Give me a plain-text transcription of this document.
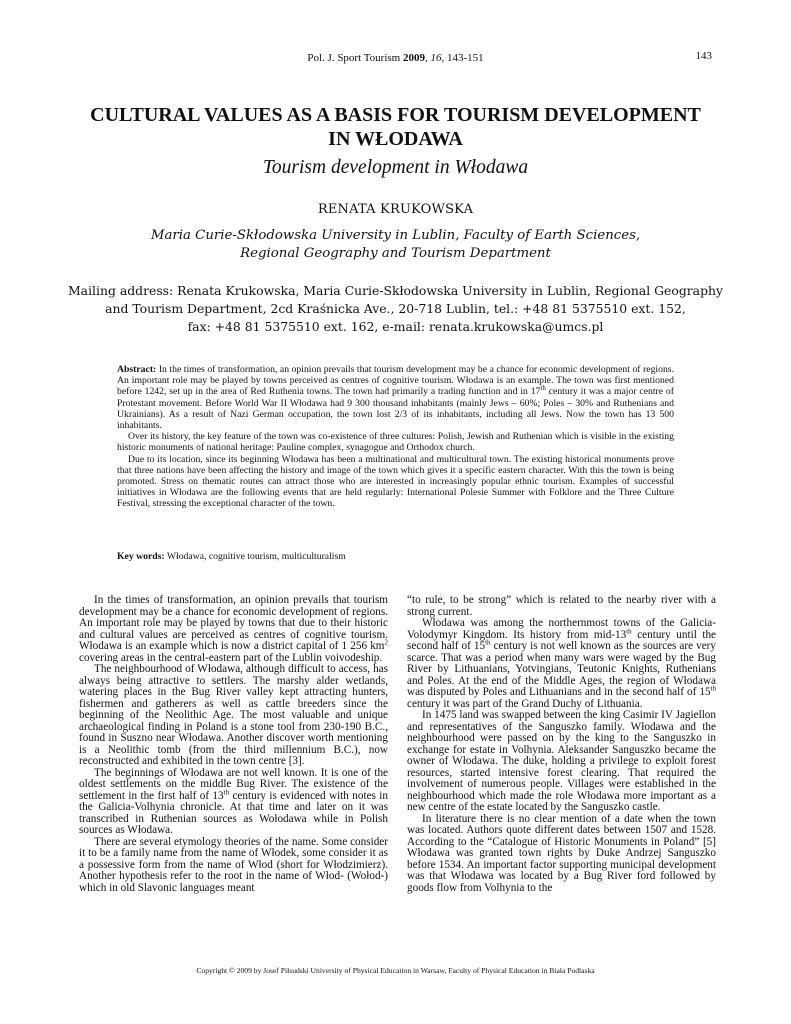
Pol. J. Sport Tourism 2009, 16, 143-151	143
CULTURAL VALUES AS A BASIS FOR TOURISM DEVELOPMENT
IN WŁODAWA
Tourism development in Włodawa
RENATA KRUKOWSKA
Maria Curie-Skłodowska University in Lublin, Faculty of Earth Sciences,
Regional Geography and Tourism Department
Mailing address: Renata Krukowska, Maria Curie-Skłodowska University in Lublin, Regional Geography
and Tourism Department, 2cd Kraśnicka Ave., 20-718 Lublin, tel.: +48 81 5375510 ext. 152,
fax: +48 81 5375510 ext. 162, e-mail: renata.krukowska@umcs.pl

Abstract: In the times of transformation, an opinion prevails that tourism development may be a chance for economic development of regions. An important role may be played by towns perceived as centres of cognitive tourism. Włodawa is an example. The town was first mentioned before 1242, set up in the area of Red Ruthenia towns. The town had primarily a trading function and in 17th century it was a major centre of Protestant movement. Before World War II Włodawa had 9 300 thousand inhabitants (mainly Jews – 60%; Poles – 30% and Ruthenians and Ukrainians). As a result of Nazi German occupation, the town lost 2/3 of its inhabitants, including all Jews. Now the town has 13 500 inhabitants.

Over its history, the key feature of the town was co-existence of three cultures: Polish, Jewish and Ruthenian which is visible in the existing historic monuments of national heritage: Pauline complex, synagogue and Orthodox church.

Due to its location, since its beginning Włodawa has been a multinational and multicultural town. The existing historical monuments prove that three nations have been affecting the history and image of the town which gives it a specific eastern character. With this the town is being promoted. Stress on thematic routes can attract those who are interested in increasingly popular ethnic tourism. Examples of successful initiatives in Włodawa are the following events that are held regularly: International Polesie Summer with Folklore and the Three Culture Festival, stressing the exceptional character of the town.

Key words: Włodawa, cognitive tourism, multiculturalism

In the times of transformation, an opinion prevails that tourism development may be a chance for economic development of regions. An important role may be played by towns that due to their historic and cultural values are perceived as centres of cognitive tourism. Włodawa is an example which is now a district capital of 1 256 $km^2$ covering areas in the central-eastern part of the Lublin voivodeship.

The neighbourhood of Włodawa, although difficult to access, has always being attractive to settlers. The marshy alder wetlands, watering places in the Bug River valley kept attracting hunters, fishermen and gatherers as well as cattle breeders since the beginning of the Neolithic Age. The most valuable and unique archaeological finding in Poland is a stone tool from 230-190 B.C., found in Suszno near Włodawa. Another discover worth mentioning is a Neolithic tomb (from the third millennium B.C.), now reconstructed and exhibited in the town centre [3].

The beginnings of Włodawa are not well known. It is one of the oldest settlements on the middle Bug River. The existence of the settlement in the first half of 13th century is evidenced with notes in the Galicia-Volhynia chronicle. At that time and later on it was transcribed in Ruthenian sources as Wołodawa while in Polish sources as Włodawa.

There are several etymology theories of the name. Some consider it to be a family name from the name of Włodek, some consider it as a possessive form from the name of Włod (short for Włodzimierz). Another hypothesis refer to the root in the name of Włod- (Wołod-) which in old Slavonic languages meant

“to rule, to be strong” which is related to the nearby river with a strong current.

Włodawa was among the northernmost towns of the Galicia-Volodymyr Kingdom. Its history from mid-13th century until the second half of 15th century is not well known as the sources are very scarce. That was a period when many wars were waged by the Bug River by Lithuanians, Yotvingians, Teutonic Knights, Ruthenians and Poles. At the end of the Middle Ages, the region of Włodawa was disputed by Poles and Lithuanians and in the second half of 15th century it was part of the Grand Duchy of Lithuania.

In 1475 land was swapped between the king Casimir IV Jagiellon and representatives of the Sanguszko family. Włodawa and the neighbourhood were passed on by the king to the Sanguszko in exchange for estate in Volhynia. Aleksander Sanguszko became the owner of Włodawa. The duke, holding a privilege to exploit forest resources, started intensive forest clearing. That required the involvement of numerous people. Villages were established in the neighbourhood which made the role Włodawa more important as a new centre of the estate located by the Sanguszko castle.

In literature there is no clear mention of a date when the town was located. Authors quote different dates between 1507 and 1528. According to the “Catalogue of Historic Monuments in Poland” [5] Włodawa was granted town rights by Duke Andrzej Sanguszko before 1534. An important factor supporting municipal development was that Włodawa was located by a Bug River ford followed by goods flow from Volhynia to the

Copyright © 2009 by Josef Piłsudski University of Physical Education in Warsaw, Faculty of Physical Education in Biała Podlaska
